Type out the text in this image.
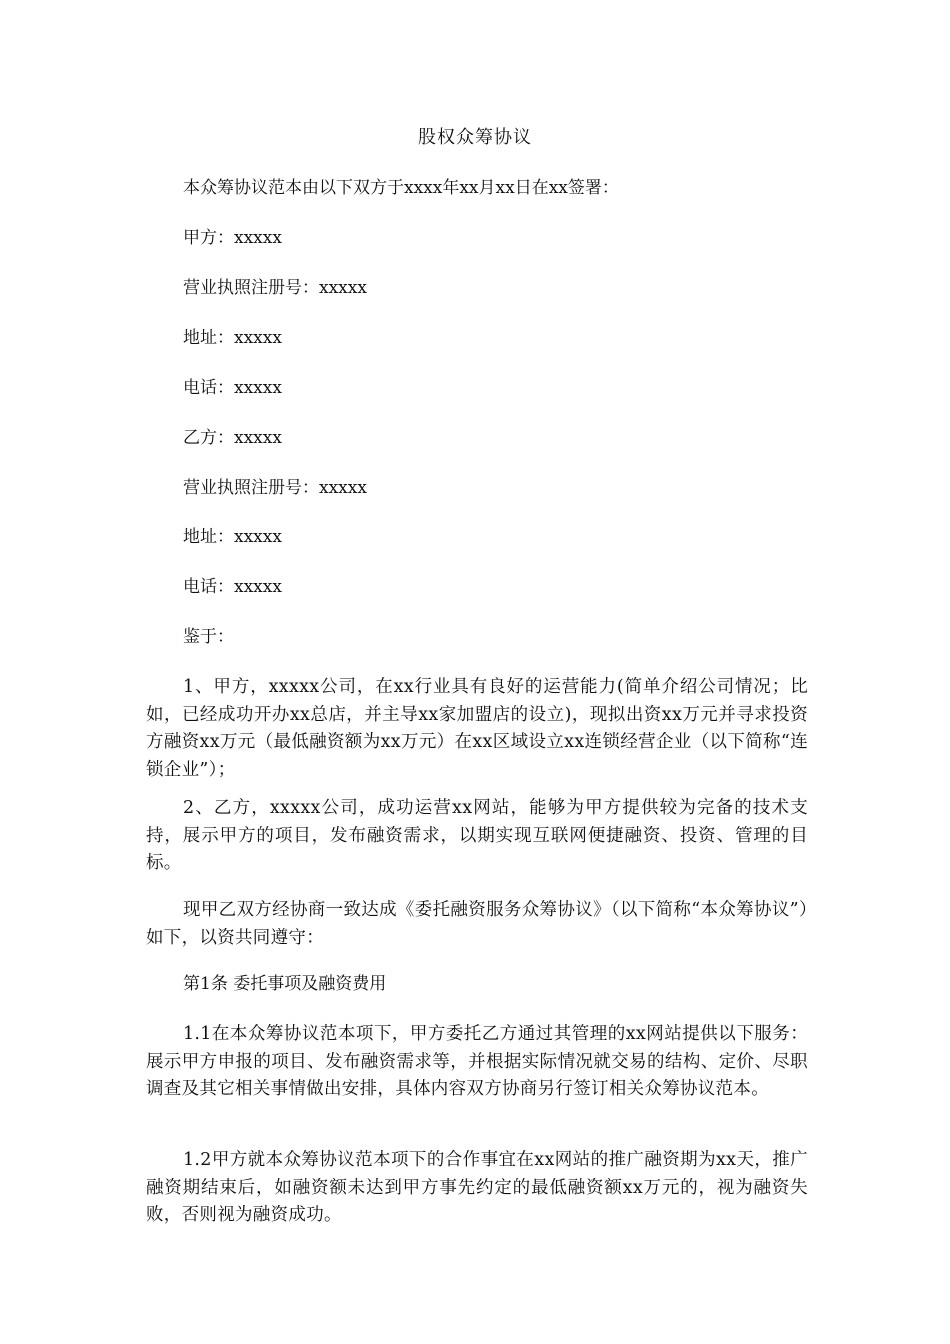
股权众筹协议
本众筹协议范本由以下双方于xxxx年xx月xx日在xx签署：
甲方：xxxxx
营业执照注册号：xxxxx
地址：xxxxx
电话：xxxxx
乙方：xxxxx
营业执照注册号：xxxxx
地址：xxxxx
电话：xxxxx
鉴于：
1、甲方，xxxxx公司，在xx行业具有良好的运营能力(简单介绍公司情况；比如，已经成功开办xx总店，并主导xx家加盟店的设立)，现拟出资xx万元并寻求投资方融资xx万元（最低融资额为xx万元）在xx区域设立xx连锁经营企业（以下简称“连锁企业”）；
2、乙方，xxxxx公司，成功运营xx网站，能够为甲方提供较为完备的技术支持，展示甲方的项目，发布融资需求，以期实现互联网便捷融资、投资、管理的目标。
现甲乙双方经协商一致达成《委托融资服务众筹协议》（以下简称“本众筹协议”）如下，以资共同遵守：
第1条 委托事项及融资费用
1.1在本众筹协议范本项下，甲方委托乙方通过其管理的xx网站提供以下服务：展示甲方申报的项目、发布融资需求等，并根据实际情况就交易的结构、定价、尽职调查及其它相关事情做出安排，具体内容双方协商另行签订相关众筹协议范本。
1.2甲方就本众筹协议范本项下的合作事宜在xx网站的推广融资期为xx天，推广融资期结束后，如融资额未达到甲方事先约定的最低融资额xx万元的，视为融资失败，否则视为融资成功。
